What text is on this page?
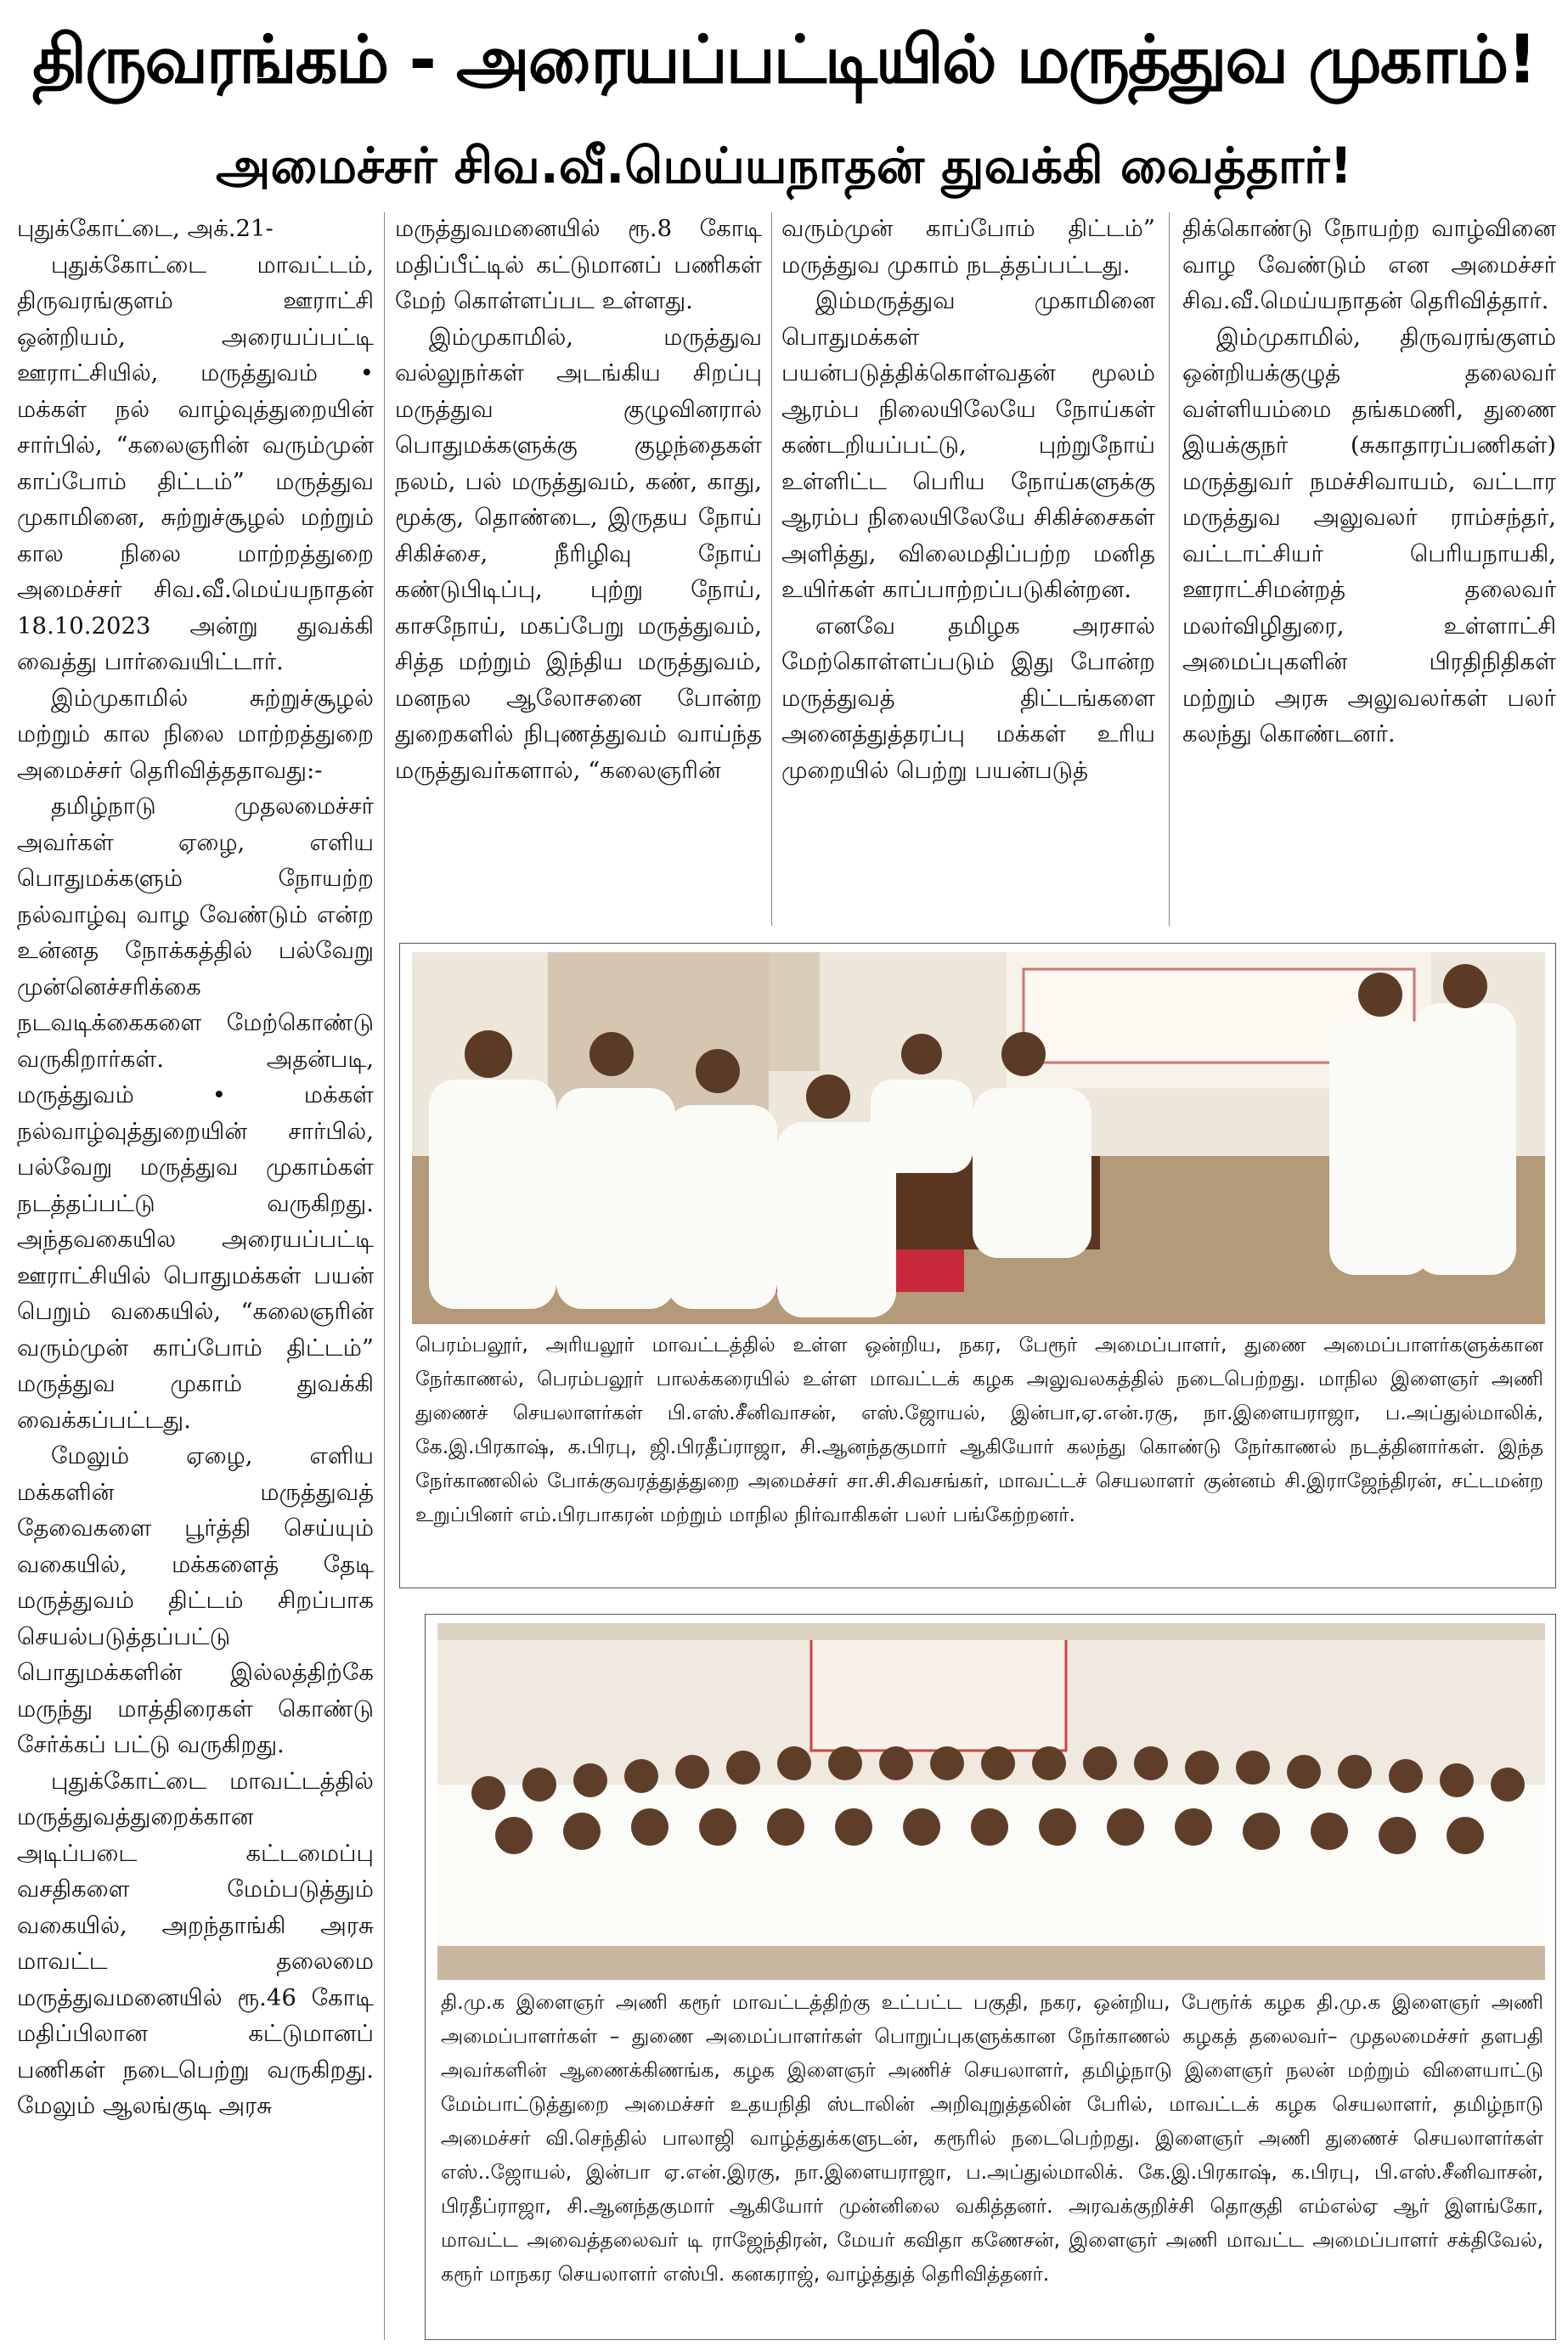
திருவரங்கம் - அரையப்பட்டியில் மருத்துவ முகாம்!
அமைச்சர் சிவ.வீ.மெய்யநாதன் துவக்கி வைத்தார்!

புதுக்கோட்டை, அக்.21-

புதுக்கோட்டை மாவட்டம், திருவரங்குளம் ஊராட்சி ஒன்றியம், அரையப்பட்டி ஊராட்சியில், மருத்துவம் • மக்கள் நல் வாழ்வுத்துறையின் சார்பில், “கலைஞரின் வரும்முன் காப்போம் திட்டம்” மருத்துவ முகாமினை, சுற்றுச்சூழல் மற்றும் கால நிலை மாற்றத்துறை அமைச்சர் சிவ.வீ.மெய்யநாதன் 18.10.2023 அன்று துவக்கி வைத்து பார்வையிட்டார்.

இம்முகாமில் சுற்றுச்சூழல் மற்றும் கால நிலை மாற்றத்துறை அமைச்சர் தெரிவித்ததாவது:-

தமிழ்நாடு முதலமைச்சர் அவர்கள் ஏழை, எளிய பொதுமக்களும் நோயற்ற நல்வாழ்வு வாழ வேண்டும் என்ற உன்னத நோக்கத்தில் பல்வேறு முன்னெச்சரிக்கை நடவடிக்கைகளை மேற்கொண்டு வருகிறார்கள். அதன்படி, மருத்துவம் • மக்கள் நல்வாழ்வுத்துறையின் சார்பில், பல்வேறு மருத்துவ முகாம்கள் நடத்தப்பட்டு வருகிறது. அந்தவகையில அரையப்பட்டி ஊராட்சியில் பொதுமக்கள் பயன் பெறும் வகையில், “கலைஞரின் வரும்முன் காப்போம் திட்டம்” மருத்துவ முகாம் துவக்கி வைக்கப்பட்டது.

மேலும் ஏழை, எளிய மக்களின் மருத்துவத் தேவைகளை பூர்த்தி செய்யும் வகையில், மக்களைத் தேடி மருத்துவம் திட்டம் சிறப்பாக செயல்படுத்தப்பட்டு பொதுமக்களின் இல்லத்திற்கே மருந்து மாத்திரைகள் கொண்டு சேர்க்கப் பட்டு வருகிறது.

புதுக்கோட்டை மாவட்டத்தில் மருத்துவத்துறைக்கான அடிப்படை கட்டமைப்பு வசதிகளை மேம்படுத்தும் வகையில், அறந்தாங்கி அரசு மாவட்ட தலைமை மருத்துவமனையில் ரூ.46 கோடி மதிப்பிலான கட்டுமானப் பணிகள் நடைபெற்று வருகிறது. மேலும் ஆலங்குடி அரசு

மருத்துவமனையில் ரூ.8 கோடி மதிப்பீட்டில் கட்டுமானப் பணிகள் மேற் கொள்ளப்பட உள்ளது.

இம்முகாமில், மருத்துவ வல்லுநர்கள் அடங்கிய சிறப்பு மருத்துவ குழுவினரால் பொதுமக்களுக்கு குழந்தைகள் நலம், பல் மருத்துவம், கண், காது, மூக்கு, தொண்டை, இருதய நோய் சிகிச்சை, நீரிழிவு நோய் கண்டுபிடிப்பு, புற்று நோய், காசநோய், மகப்பேறு மருத்துவம், சித்த மற்றும் இந்திய மருத்துவம், மனநல ஆலோசனை போன்ற துறைகளில் நிபுணத்துவம் வாய்ந்த மருத்துவர்களால், “கலைஞரின்

வரும்முன் காப்போம் திட்டம்” மருத்துவ முகாம் நடத்தப்பட்டது.

இம்மருத்துவ முகாமினை பொதுமக்கள் பயன்படுத்திக்கொள்வதன் மூலம் ஆரம்ப நிலையிலேயே நோய்கள் கண்டறியப்பட்டு, புற்றுநோய் உள்ளிட்ட பெரிய நோய்களுக்கு ஆரம்ப நிலையிலேயே சிகிச்சைகள் அளித்து, விலைமதிப்பற்ற மனித உயிர்கள் காப்பாற்றப்படுகின்றன.

எனவே தமிழக அரசால் மேற்கொள்ளப்படும் இது போன்ற மருத்துவத் திட்டங்களை அனைத்துத்தரப்பு மக்கள் உரிய முறையில் பெற்று பயன்படுத்

திக்கொண்டு நோயற்ற வாழ்வினை வாழ வேண்டும் என அமைச்சர் சிவ.வீ.மெய்யநாதன் தெரிவித்தார்.

இம்முகாமில், திருவரங்குளம் ஒன்றியக்குழுத் தலைவர் வள்ளியம்மை தங்கமணி, துணை இயக்குநர் (சுகாதாரப்பணிகள்) மருத்துவர் நமச்சிவாயம், வட்டார மருத்துவ அலுவலர் ராம்சந்தர், வட்டாட்சியர் பெரியநாயகி, ஊராட்சிமன்றத் தலைவர் மலர்விழிதுரை, உள்ளாட்சி அமைப்புகளின் பிரதிநிதிகள் மற்றும் அரசு அலுவலர்கள் பலர் கலந்து கொண்டனர்.

பெரம்பலூர், அரியலூர் மாவட்டத்தில் உள்ள ஒன்றிய, நகர, பேரூர் அமைப்பாளர், துணை அமைப்பாளர்களுக்கான நேர்காணல், பெரம்பலூர் பாலக்கரையில் உள்ள மாவட்டக் கழக அலுவலகத்தில் நடைபெற்றது. மாநில இளைஞர் அணி துணைச் செயலாளர்கள் பி.எஸ்.சீனிவாசன், எஸ்.ஜோயல், இன்பா,ஏ.என்.ரகு, நா.இளையராஜா, ப.அப்துல்மாலிக், கே.இ.பிரகாஷ், க.பிரபு, ஜி.பிரதீப்ராஜா, சி.ஆனந்தகுமார் ஆகியோர் கலந்து கொண்டு நேர்காணல் நடத்தினார்கள். இந்த நேர்காணலில் போக்குவரத்துத்துறை அமைச்சர் சா.சி.சிவசங்கர், மாவட்டச் செயலாளர் குன்னம் சி.இராஜேந்திரன், சட்டமன்ற உறுப்பினர் எம்.பிரபாகரன் மற்றும் மாநில நிர்வாகிகள் பலர் பங்கேற்றனர்.
தி.மு.க இளைஞர் அணி கரூர் மாவட்டத்திற்கு உட்பட்ட பகுதி, நகர, ஒன்றிய, பேரூர்க் கழக தி.மு.க இளைஞர் அணி அமைப்பாளர்கள் – துணை அமைப்பாளர்கள் பொறுப்புகளுக்கான நேர்காணல் கழகத் தலைவர்– முதலமைச்சர் தளபதி அவர்களின் ஆணைக்கிணங்க, கழக இளைஞர் அணிச் செயலாளர், தமிழ்நாடு இளைஞர் நலன் மற்றும் விளையாட்டு மேம்பாட்டுத்துறை அமைச்சர் உதயநிதி ஸ்டாலின் அறிவுறுத்தலின் பேரில், மாவட்டக் கழக செயலாளர், தமிழ்நாடு அமைச்சர் வி.செந்தில் பாலாஜி வாழ்த்துக்களுடன், கரூரில் நடைபெற்றது. இளைஞர் அணி துணைச் செயலாளர்கள் எஸ்..ஜோயல், இன்பா ஏ.என்.இரகு, நா.இளையராஜா, ப.அப்துல்மாலிக். கே.இ.பிரகாஷ், க.பிரபு, பி.எஸ்.சீனிவாசன், பிரதீப்ராஜா, சி.ஆனந்தகுமார் ஆகியோர் முன்னிலை வகித்தனர். அரவக்குறிச்சி தொகுதி எம்எல்ஏ ஆர் இளங்கோ, மாவட்ட அவைத்தலைவர் டி ராஜேந்திரன், மேயர் கவிதா கணேசன், இளைஞர் அணி மாவட்ட அமைப்பாளர் சக்திவேல், கரூர் மாநகர செயலாளர் எஸ்பி. கனகராஜ், வாழ்த்துத் தெரிவித்தனர்.
